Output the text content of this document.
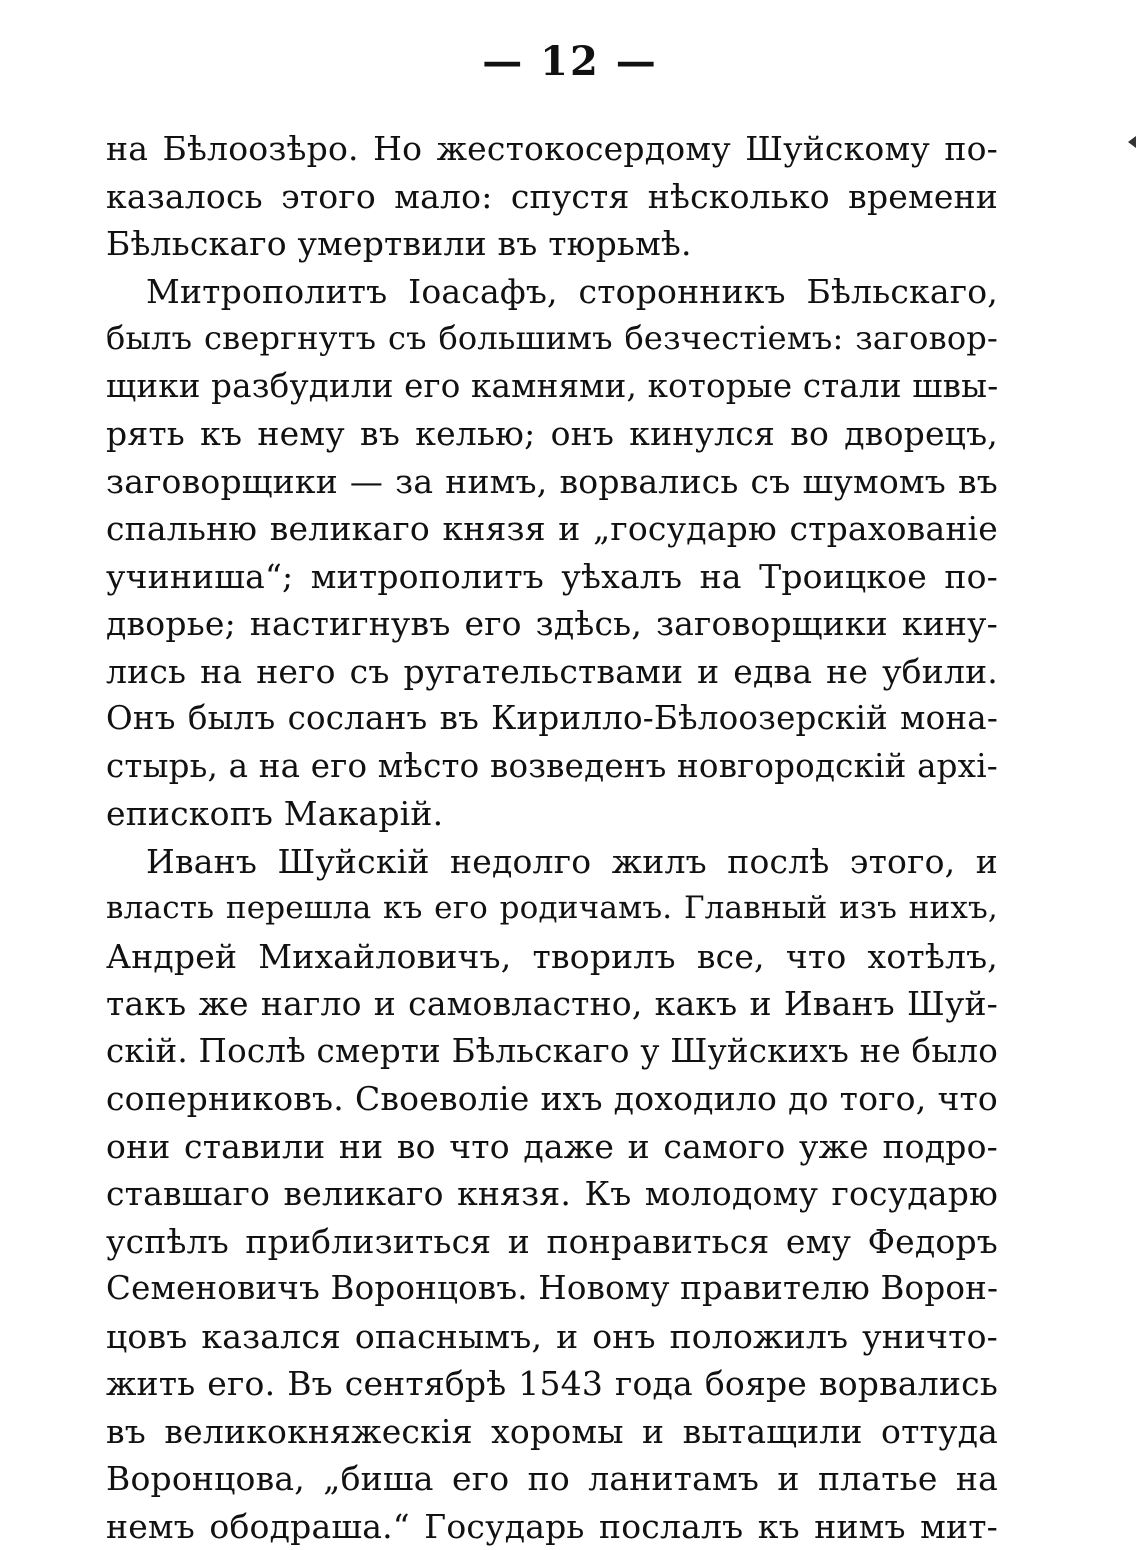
— 12 —
на Бѣлоозѣро. Но жестокосердому Шуйскому по-
казалось этого мало: спустя нѣсколько времени
Бѣльскаго умертвили въ тюрьмѣ.
Митрополитъ Іоасафъ, сторонникъ Бѣльскаго,
былъ свергнутъ съ большимъ безчестіемъ: заговор-
щики разбудили его камнями, которые стали швы-
рять къ нему въ келью; онъ кинулся во дворецъ,
заговорщики — за нимъ, ворвались съ шумомъ въ
спальню великаго князя и „государю страхованіе
учиниша“; митрополитъ уѣхалъ на Троицкое по-
дворье; настигнувъ его здѣсь, заговорщики кину-
лись на него съ ругательствами и едва не убили.
Онъ былъ сосланъ въ Кирилло-Бѣлоозерскій мона-
стырь, а на его мѣсто возведенъ новгородскій архі-
епископъ Макарій.
Иванъ Шуйскій недолго жилъ послѣ этого, и
власть перешла къ его родичамъ. Главный изъ нихъ,
Андрей Михайловичъ, творилъ все, что хотѣлъ,
такъ же нагло и самовластно, какъ и Иванъ Шуй-
скій. Послѣ смерти Бѣльскаго у Шуйскихъ не было
соперниковъ. Своеволіе ихъ доходило до того, что
они ставили ни во что даже и самого уже подро-
ставшаго великаго князя. Къ молодому государю
успѣлъ приблизиться и понравиться ему Федоръ
Семеновичъ Воронцовъ. Новому правителю Ворон-
цовъ казался опаснымъ, и онъ положилъ уничто-
жить его. Въ сентябрѣ 1543 года бояре ворвались
въ великокняжескія хоромы и вытащили оттуда
Воронцова, „биша его по ланитамъ и платье на
немъ ободраша.“ Государь послалъ къ нимъ мит-
